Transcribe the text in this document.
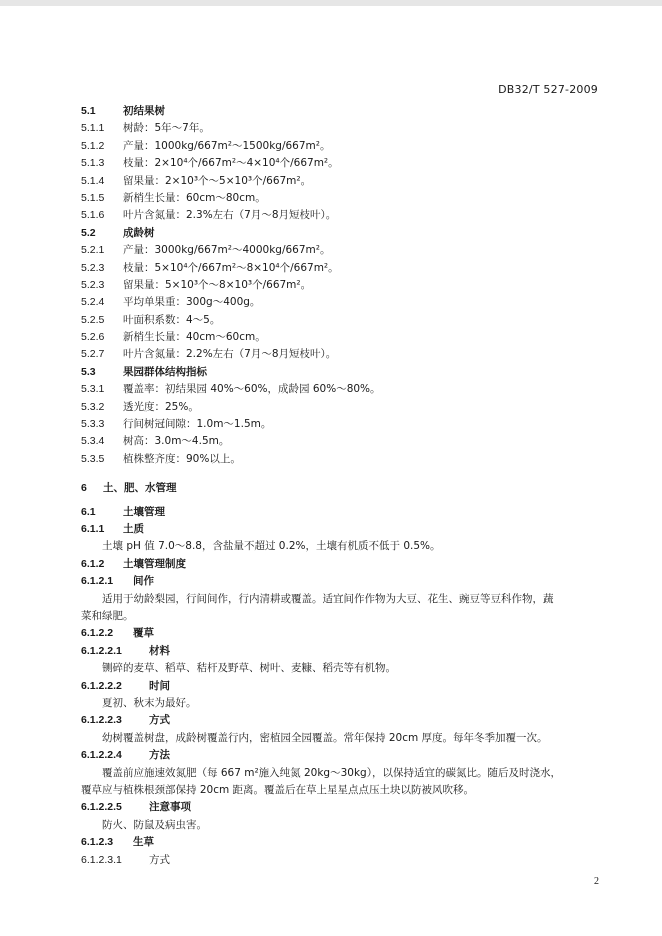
DB32/T 527-2009
5.1	初结果树
5.1.1 树龄：5年～7年。
5.1.2 产量：1000kg/667m²～1500kg/667m²。
5.1.3 枝量：2×10⁴个/667m²～4×10⁴个/667m²。
5.1.4 留果量：2×10³个～5×10³个/667m²。
5.1.5 新梢生长量：60cm～80cm。
5.1.6 叶片含氮量：2.3%左右（7月～8月短枝叶）。
5.2	成龄树
5.2.1 产量：3000kg/667m²～4000kg/667m²。
5.2.3 枝量：5×10⁴个/667m²～8×10⁴个/667m²。
5.2.3 留果量：5×10³个～8×10³个/667m²。
5.2.4 平均单果重：300g～400g。
5.2.5 叶面积系数：4～5。
5.2.6 新梢生长量：40cm～60cm。
5.2.7 叶片含氮量：2.2%左右（7月～8月短枝叶）。
5.3	果园群体结构指标
5.3.1 覆盖率：初结果园 40%～60%，成龄园 60%～80%。
5.3.2 透光度：25%。
5.3.3 行间树冠间隙：1.0m～1.5m。
5.3.4 树高：3.0m～4.5m。
5.3.5 植株整齐度：90%以上。
6 土、肥、水管理
6.1	土壤管理
6.1.1 土质
土壤 pH 值 7.0～8.8，含盐量不超过 0.2%，土壤有机质不低于 0.5%。
6.1.2 土壤管理制度
6.1.2.1 间作
适用于幼龄梨园，行间间作，行内清耕或覆盖。适宜间作作物为大豆、花生、豌豆等豆科作物，蔬
菜和绿肥。
6.1.2.2 覆草
6.1.2.2.1	材料
铡碎的麦草、稻草、秸杆及野草、树叶、麦糠、稻壳等有机物。
6.1.2.2.2	时间
夏初、秋末为最好。
6.1.2.2.3	方式
幼树覆盖树盘，成龄树覆盖行内，密植园全园覆盖。常年保持 20cm 厚度。每年冬季加覆一次。
6.1.2.2.4	方法
覆盖前应施速效氮肥（每 667 m²施入纯氮 20kg～30kg），以保持适宜的碳氮比。随后及时浇水，
覆草应与植株根颈部保持 20cm 距离。覆盖后在草上星星点点压土块以防被风吹移。
6.1.2.2.5	注意事项
防火、防鼠及病虫害。
6.1.2.3 生草
6.1.2.3.1	方式
2
